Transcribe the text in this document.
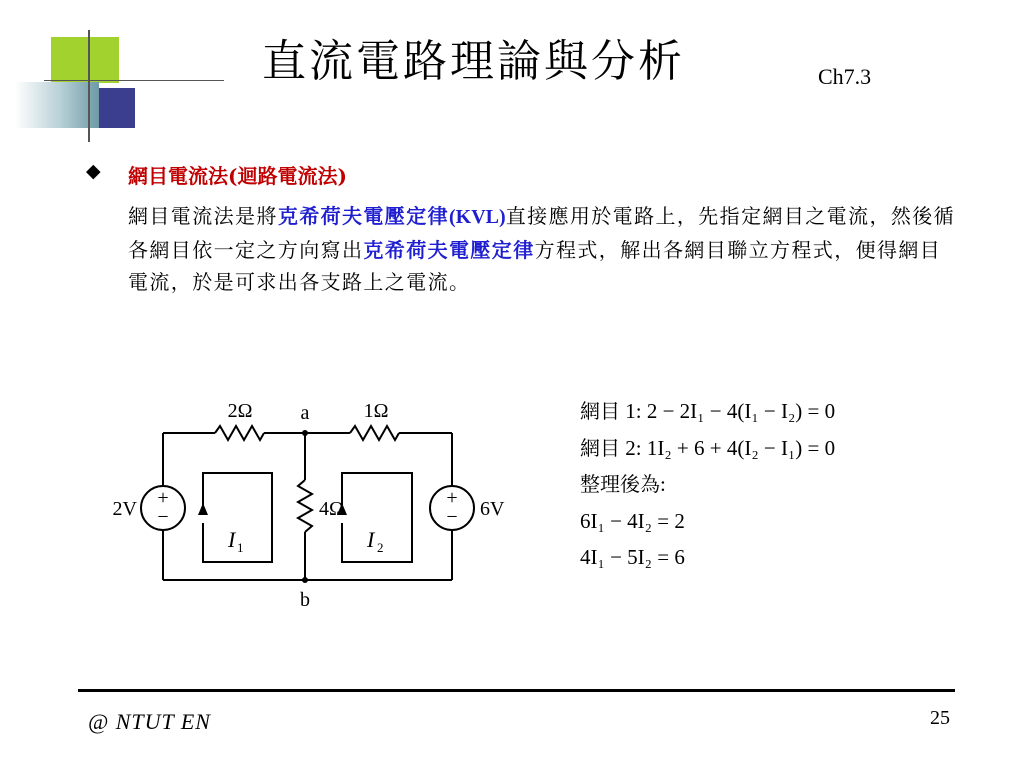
直流電路理論與分析	Ch7.3
◆ 網目電流法(迴路電流法)
網目電流法是將克希荷夫電壓定律(KVL)直接應用於電路上，先指定網目之電流，然後循各網目依一定之方向寫出克希荷夫電壓定律方程式，解出各網目聯立方程式，便得網目電流，於是可求出各支路上之電流。
+
−
+
−
2Ω	1Ω
a
b
4Ω
2V	6V
I 1	I 2
網目 1: 2 − 2I₁ − 4(I₁ − I₂) = 0
網目 2: 1I₂ + 6 + 4(I₂ − I₁) = 0
整理後為:
6I₁ − 4I₂ = 2
4I₁ − 5I₂ = 6
@ NTUT EN	25
